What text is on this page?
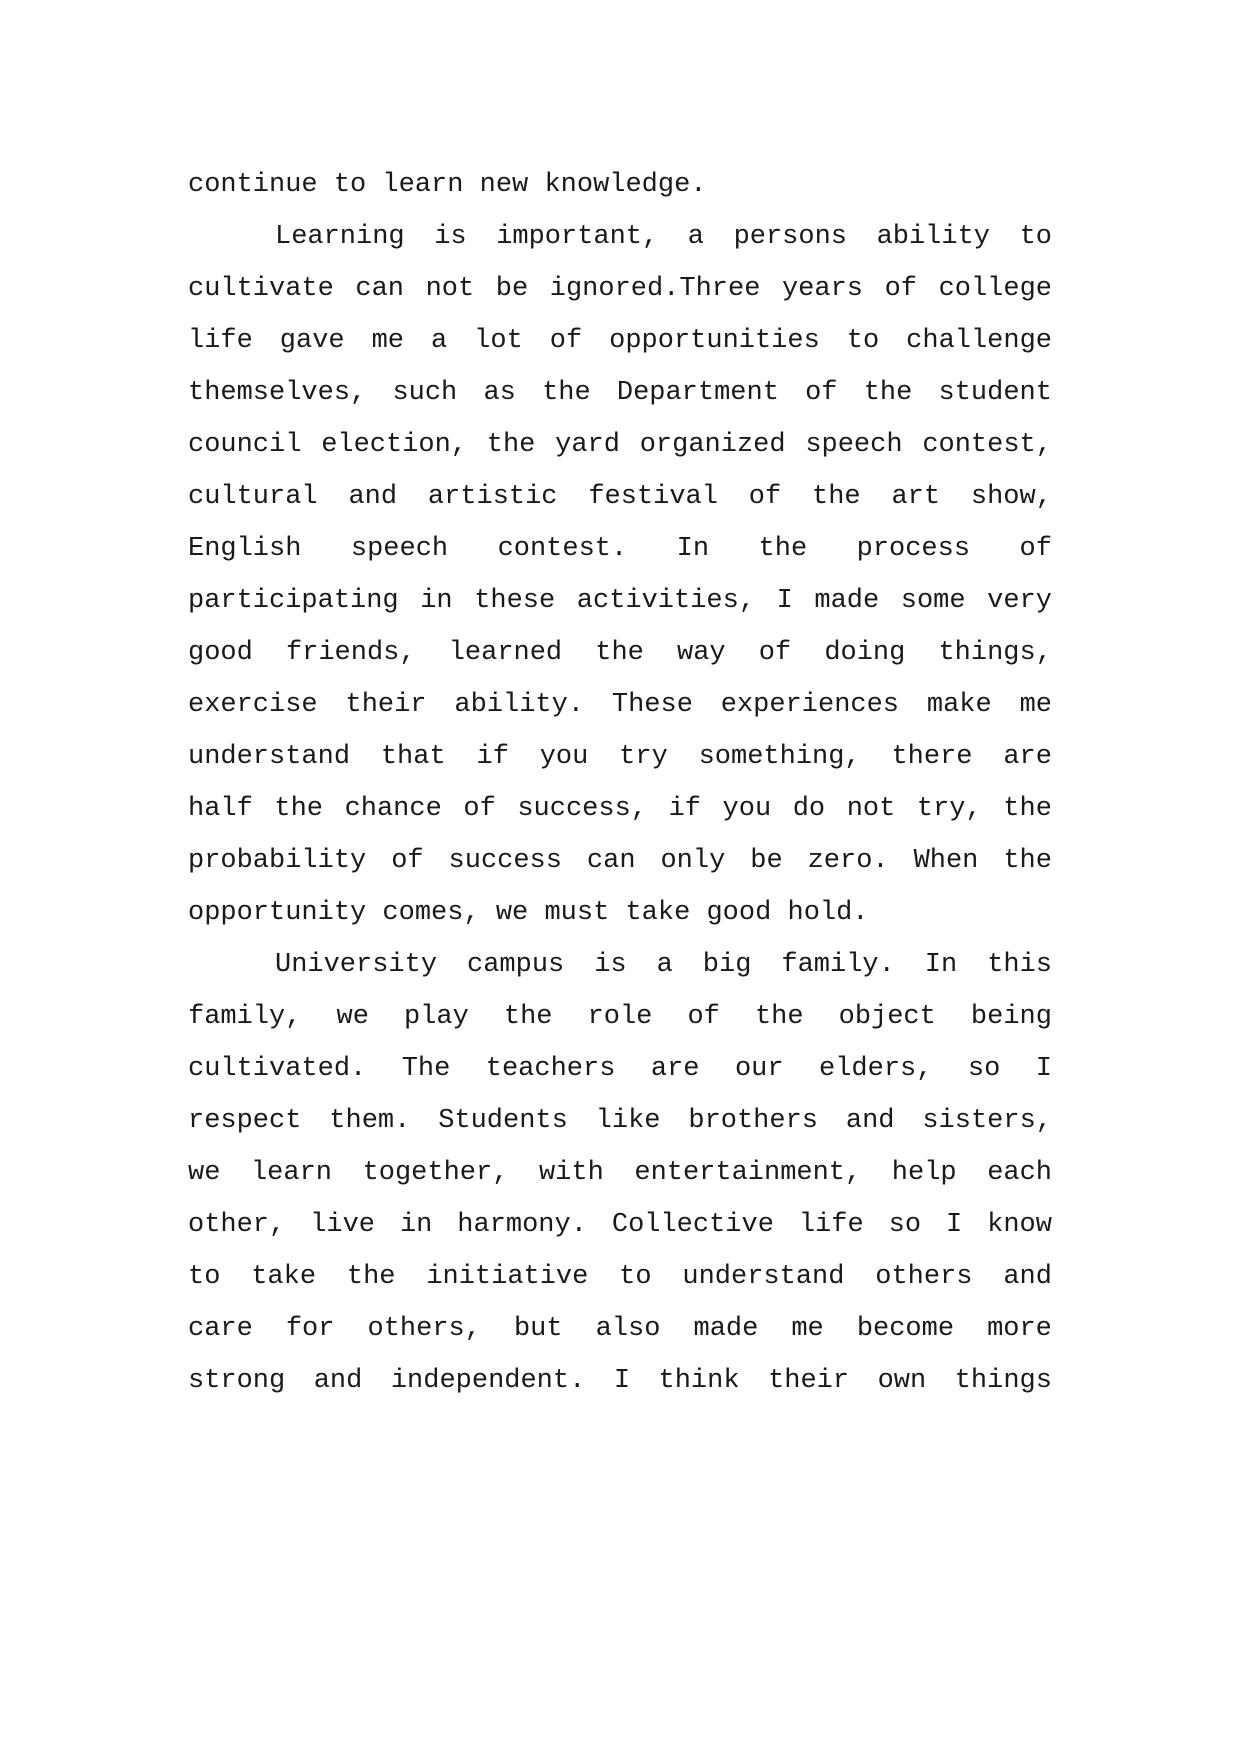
continue to learn new knowledge.
Learning is important, a persons ability to
cultivate can not be ignored.Three years of college
life gave me a lot of opportunities to challenge
themselves, such as the Department of the student
council election, the yard organized speech contest,
cultural and artistic festival of the art show,
English speech contest. In the process of
participating in these activities, I made some very
good friends, learned the way of doing things,
exercise their ability. These experiences make me
understand that if you try something, there are
half the chance of success, if you do not try, the
probability of success can only be zero. When the
opportunity comes, we must take good hold.
University campus is a big family. In this
family, we play the role of the object being
cultivated. The teachers are our elders, so I
respect them. Students like brothers and sisters,
we learn together, with entertainment, help each
other, live in harmony. Collective life so I know
to take the initiative to understand others and
care for others, but also made me become more
strong and independent. I think their own things
